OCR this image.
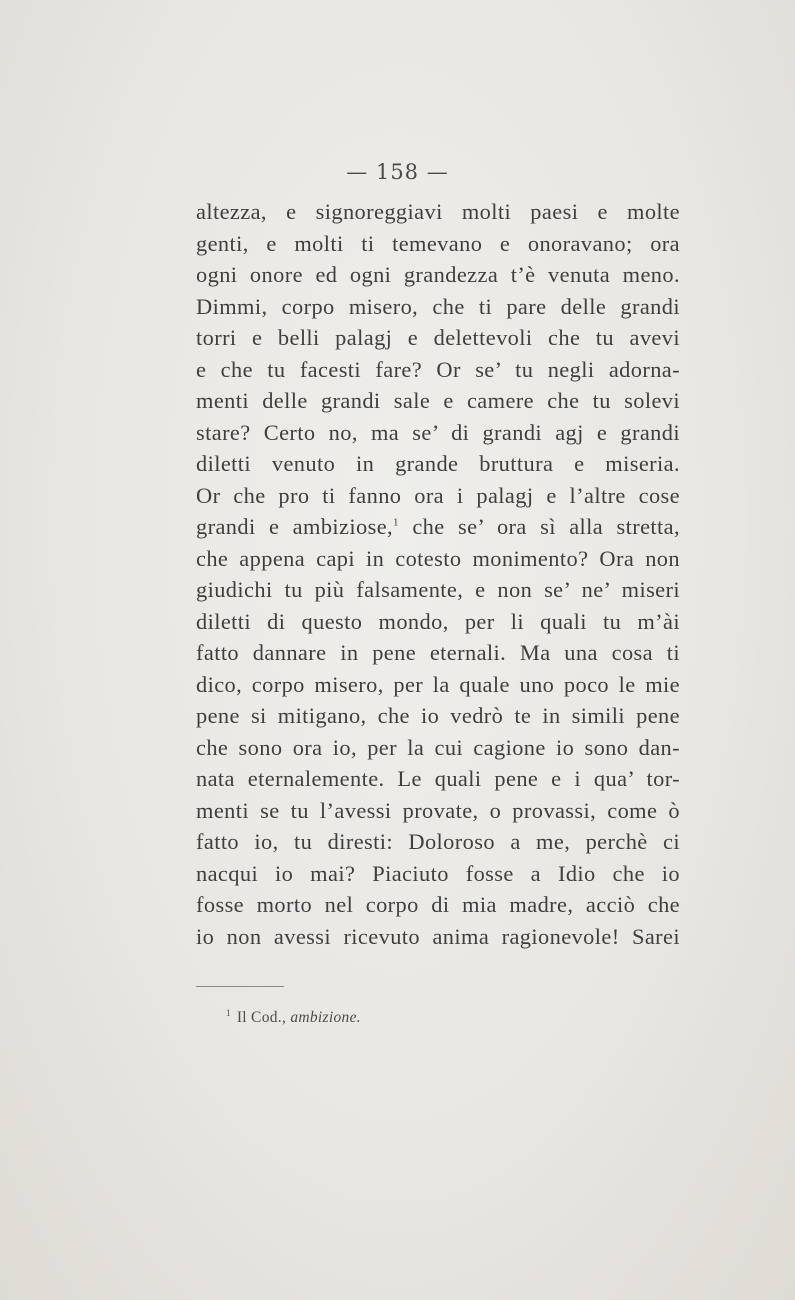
— 158 —
altezza, e signoreggiavi molti paesi e molte
genti, e molti ti temevano e onoravano; ora
ogni onore ed ogni grandezza t’è venuta meno.
Dimmi, corpo misero, che ti pare delle grandi
torri e belli palagj e delettevoli che tu avevi
e che tu facesti fare? Or se’ tu negli adorna-
menti delle grandi sale e camere che tu solevi
stare? Certo no, ma se’ di grandi agj e grandi
diletti venuto in grande bruttura e miseria.
Or che pro ti fanno ora i palagj e l’altre cose
grandi e ambiziose,$^1$ che se’ ora sì alla stretta,
che appena capi in cotesto monimento? Ora non
giudichi tu più falsamente, e non se’ ne’ miseri
diletti di questo mondo, per li quali tu m’ài
fatto dannare in pene eternali. Ma una cosa ti
dico, corpo misero, per la quale uno poco le mie
pene si mitigano, che io vedrò te in simili pene
che sono ora io, per la cui cagione io sono dan-
nata eternalemente. Le quali pene e i qua’ tor-
menti se tu l’avessi provate, o provassi, come ò
fatto io, tu diresti: Doloroso a me, perchè ci
nacqui io mai? Piaciuto fosse a Idio che io
fosse morto nel corpo di mia madre, acciò che
io non avessi ricevuto anima ragionevole! Sarei
$^1$ Il Cod., ambizione.
